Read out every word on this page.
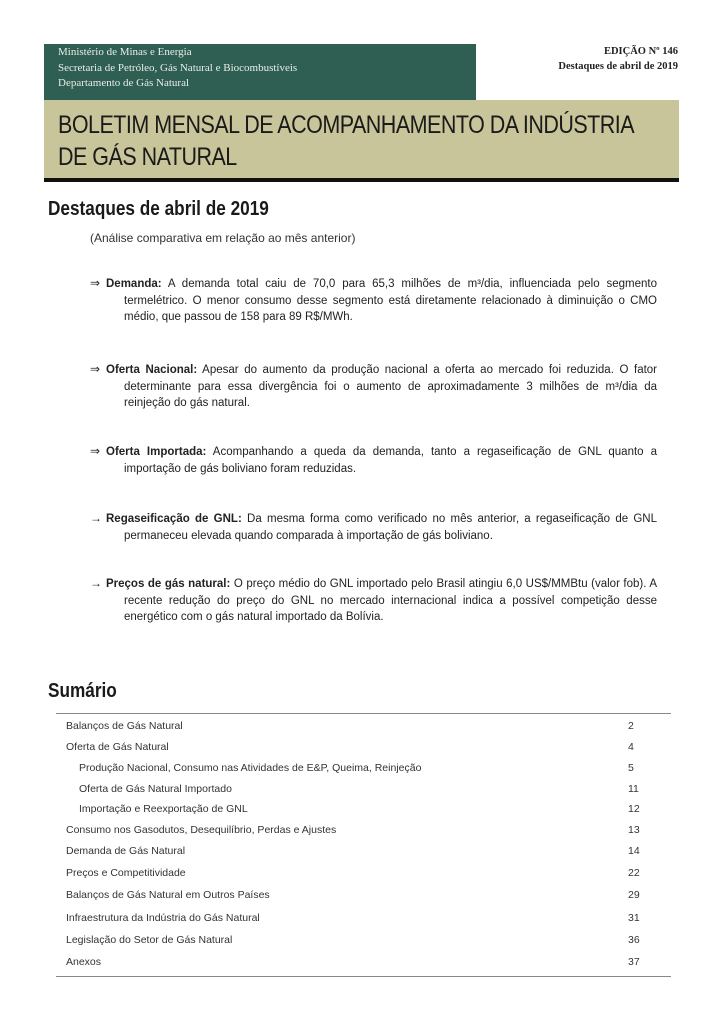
Ministério de Minas e Energia
Secretaria de Petróleo, Gás Natural e Biocombustíveis
Departamento de Gás Natural
EDIÇÃO Nº 146
Destaques de abril de 2019
BOLETIM MENSAL DE ACOMPANHAMENTO DA INDÚSTRIA
DE GÁS NATURAL
Destaques de abril de 2019
(Análise comparativa em relação ao mês anterior)

⇒ Demanda: A demanda total caiu de 70,0 para 65,3 milhões de m³/dia, influenciada pelo segmento termelétrico. O menor consumo desse segmento está diretamente relacionado à diminuição o CMO médio, que passou de 158 para 89 R$/MWh.

⇒ Oferta Nacional: Apesar do aumento da produção nacional a oferta ao mercado foi reduzida. O fator determinante para essa divergência foi o aumento de aproximadamente 3 milhões de m³/dia da reinjeção do gás natural.

⇒ Oferta Importada: Acompanhando a queda da demanda, tanto a regaseificação de GNL quanto a importação de gás boliviano foram reduzidas.

→ Regaseificação de GNL: Da mesma forma como verificado no mês anterior, a regaseificação de GNL permaneceu elevada quando comparada à importação de gás boliviano.

→ Preços de gás natural: O preço médio do GNL importado pelo Brasil atingiu 6,0 US$/MMBtu (valor fob). A recente redução do preço do GNL no mercado internacional indica a possível competição desse energético com o gás natural importado da Bolívia.

Sumário
Balanços de Gás Natural	2
Oferta de Gás Natural	4
Produção Nacional, Consumo nas Atividades de E&P, Queima, Reinjeção	5
Oferta de Gás Natural Importado	11
Importação e Reexportação de GNL	12
Consumo nos Gasodutos, Desequilíbrio, Perdas e Ajustes	13
Demanda de Gás Natural	14
Preços e Competitividade	22
Balanços de Gás Natural em Outros Países	29
Infraestrutura da Indústria do Gás Natural	31
Legislação do Setor de Gás Natural	36
Anexos	37
